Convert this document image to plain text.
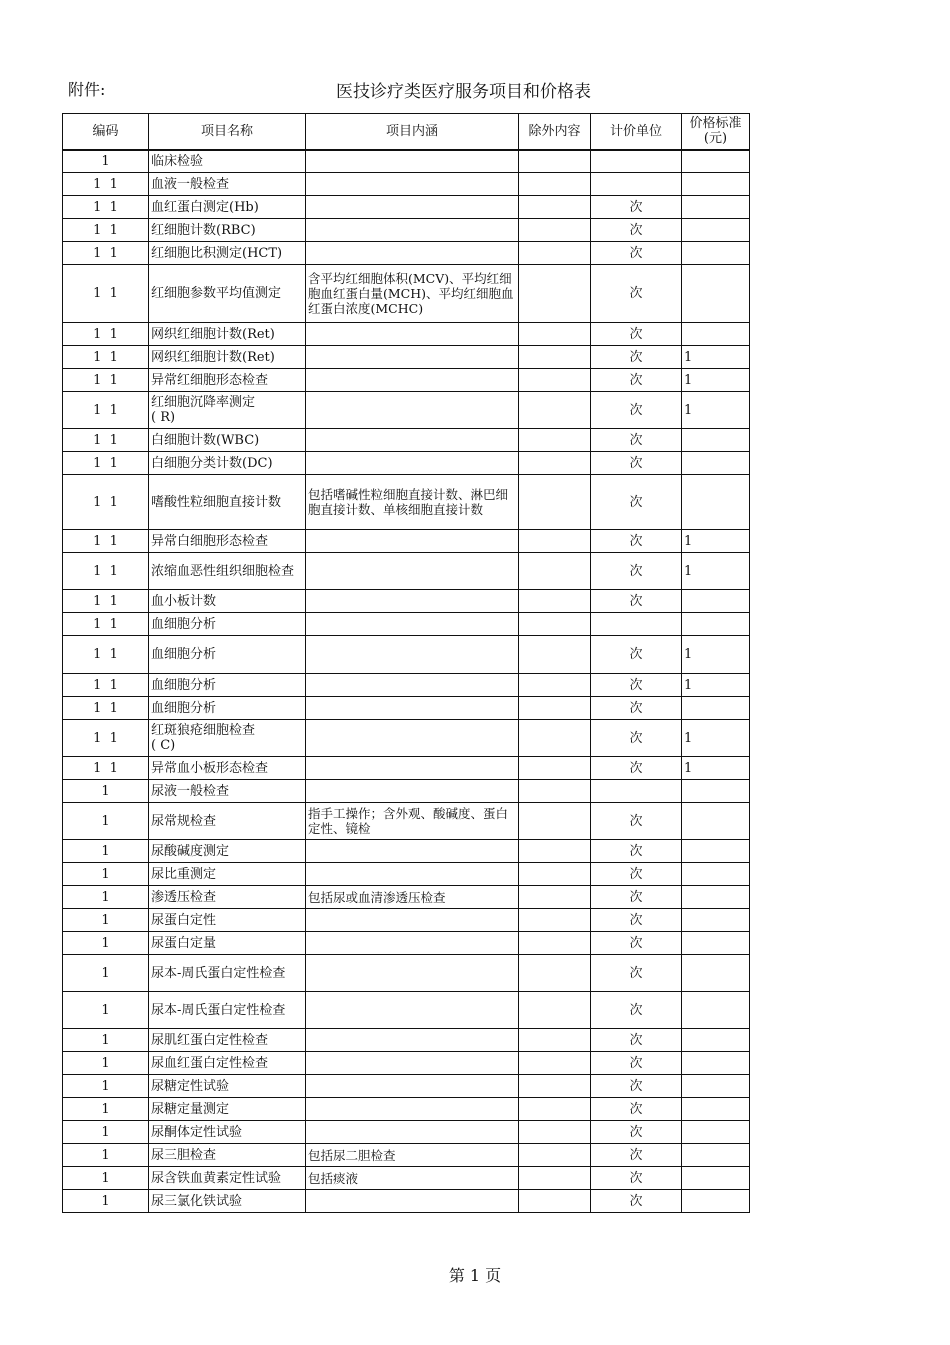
附件:	医技诊疗类医疗服务项目和价格表
编码	项目名称	项目内涵	除外内容	计价单位	价格标准
(元)
1	临床检验				
1  1	血液一般检查				
1  1	血红蛋白测定(Hb)			次	
1  1	红细胞计数(RBC)			次	
1  1	红细胞比积测定(HCT)			次	
1  1	红细胞参数平均值测定	含平均红细胞体积(MCV)、平均红细胞血红蛋白量(MCH)、平均红细胞血红蛋白浓度(MCHC)		次	
1  1	网织红细胞计数(Ret)			次	
1  1	网织红细胞计数(Ret)			次	1
1  1	异常红细胞形态检查			次	1
1  1	红细胞沉降率测定
( R)			次	1
1  1	白细胞计数(WBC)			次	
1  1	白细胞分类计数(DC)			次	
1  1	嗜酸性粒细胞直接计数	包括嗜碱性粒细胞直接计数、淋巴细胞直接计数、单核细胞直接计数		次	
1  1	异常白细胞形态检查			次	1
1  1	浓缩血恶性组织细胞检查			次	1
1  1	血小板计数			次	
1  1	血细胞分析				
1  1	血细胞分析			次	1
1  1	血细胞分析			次	1
1  1	血细胞分析			次	
1  1	红斑狼疮细胞检查
( C)			次	1
1  1	异常血小板形态检查			次	1
1	尿液一般检查				
1	尿常规检查	指手工操作；含外观、酸碱度、蛋白定性、镜检		次	
1	尿酸碱度测定			次	
1	尿比重测定			次	
1	渗透压检查	包括尿或血清渗透压检查		次	
1	尿蛋白定性			次	
1	尿蛋白定量			次	
1	尿本-周氏蛋白定性检查			次	
1	尿本-周氏蛋白定性检查			次	
1	尿肌红蛋白定性检查			次	
1	尿血红蛋白定性检查			次	
1	尿糖定性试验			次	
1	尿糖定量测定			次	
1	尿酮体定性试验			次	
1	尿三胆检查	包括尿二胆检查		次	
1	尿含铁血黄素定性试验	包括痰液		次	
1	尿三氯化铁试验			次	
第 1 页
